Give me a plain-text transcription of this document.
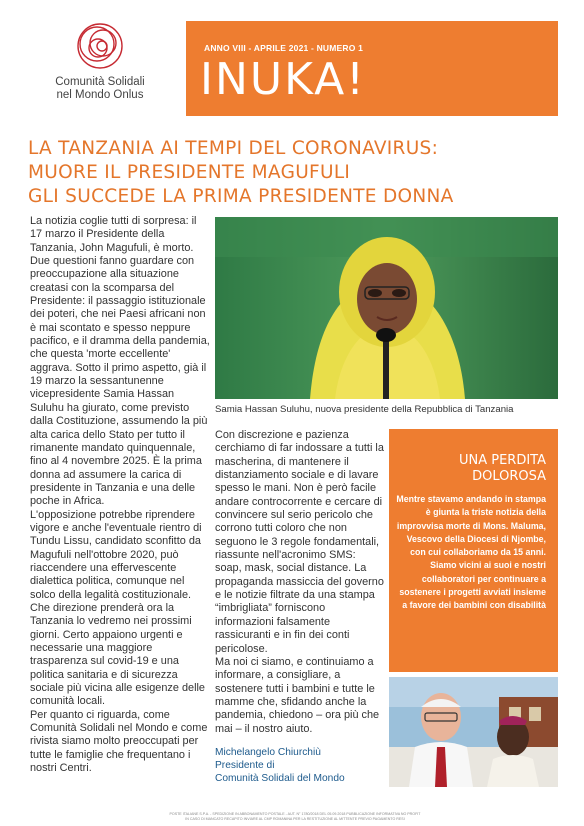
Comunità Solidali
nel Mondo Onlus
ANNO VIII - APRILE 2021 - NUMERO 1
INUKA!
LA TANZANIA AI TEMPI DEL CORONAVIRUS:
MUORE IL PRESIDENTE MAGUFULI
GLI SUCCEDE LA PRIMA PRESIDENTE DONNA

La notizia coglie tutti di sorpresa: il 17 marzo il Presidente della Tanzania, John Magufuli, è morto. Due questioni fanno guardare con preoccupazione alla situazione creatasi con la scomparsa del Presidente: il passaggio istituzionale dei poteri, che nei Paesi africani non è mai scontato e spesso neppure pacifico, e il dramma della pandemia, che questa 'morte eccellente' aggrava. Sotto il primo aspetto, già il 19 marzo la sessantunenne vicepresidente Samia Hassan Suluhu ha giurato, come previsto dalla Costituzione, assumendo la più alta carica dello Stato per tutto il rimanente mandato quinquennale, fino al 4 novembre 2025. È la prima donna ad assumere la carica di presidente in Tanzania e una delle poche in Africa.

L'opposizione potrebbe riprendere vigore e anche l'eventuale rientro di Tundu Lissu, candidato sconfitto da Magufuli nell'ottobre 2020, può riaccendere una effervescente dialettica politica, comunque nel solco della legalità costituzionale. Che direzione prenderà ora la Tanzania lo vedremo nei prossimi giorni. Certo appaiono urgenti e necessarie una maggiore trasparenza sul covid-19 e una politica sanitaria e di sicurezza sociale più vicina alle esigenze delle comunità locali.

Per quanto ci riguarda, come Comunità Solidali nel Mondo e come rivista siamo molto preoccupati per tutte le famiglie che frequentano i nostri Centri.

Samia Hassan Suluhu, nuova presidente della Repubblica di Tanzania

Con discrezione e pazienza cerchiamo di far indossare a tutti la mascherina, di mantenere il distanziamento sociale e di lavare spesso le mani. Non è però facile andare controcorrente e cercare di convincere sul serio pericolo che corrono tutti coloro che non seguono le 3 regole fondamentali, riassunte nell'acronimo SMS: soap, mask, social distance. La propaganda massiccia del governo e le notizie filtrate da una stampa “imbrigliata” forniscono informazioni falsamente rassicuranti e in fin dei conti pericolose.

Ma noi ci siamo, e continuiamo a informare, a consigliare, a sostenere tutti i bambini e tutte le mamme che, sfidando anche la pandemia, chiedono – ora più che mai – il nostro aiuto.

Michelangelo Chiurchiù
Presidente di
Comunità Solidali del Mondo
UNA PERDITA
DOLOROSA
Mentre stavamo andando in stampa è giunta la triste notizia della improvvisa morte di Mons. Maluma, Vescovo della Diocesi di Njombe, con cui collaboriamo da 15 anni. Siamo vicini ai suoi e nostri collaboratori per continuare a sostenere i progetti avviati insieme a favore dei bambini con disabilità
POSTE ITALIANE S.P.A. - SPEDIZIONE IN ABBONAMENTO POSTALE - AUT. N° 1780/2018 DEL 05.09.2018 PUBBLICAZIONE INFORMATIVA NO PROFIT
IN CASO DI MANCATO RECAPITO INVIARE AL CMP ROMANINA PER LA RESTITUZIONE AL MITTENTE PREVIO PAGAMENTO RESI
